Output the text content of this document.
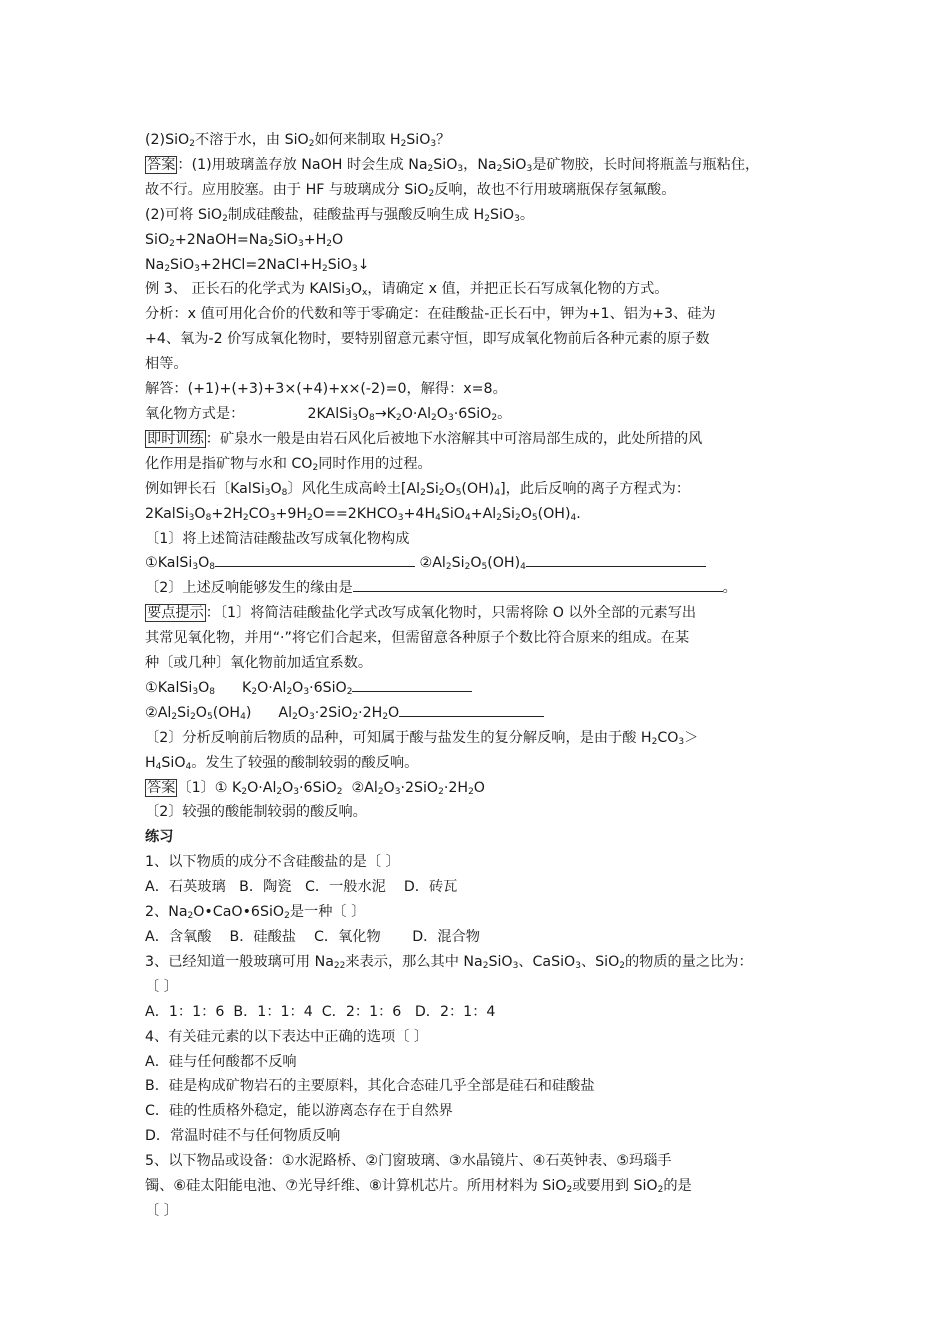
(2)SiO$_2$不溶于水，由 SiO$_2$如何来制取 $H_2SiO_3$？
答案 ：(1)用玻璃盖存放 NaOH 时会生成 $Na_2SiO_3$，$Na_2SiO_3$是矿物胶，长时间将瓶盖与瓶粘住，
故不行。应用胶塞。由于 HF 与玻璃成分 SiO$_2$反响，故也不行用玻璃瓶保存氢氟酸。
(2)可将 SiO$_2$制成硅酸盐，硅酸盐再与强酸反响生成 $H_2SiO_3$。
$SiO_2+2NaOH=Na_2SiO_3+H_2O$
$Na_2SiO_3+2HCl=2NaCl+H_2SiO_3↓$
例 3、 正长石的化学式为 $KAlSi_3O_x$，请确定 x 值，并把正长石写成氧化物的方式。
分析：x 值可用化合价的代数和等于零确定：在硅酸盐-正长石中，钾为+1、铝为+3、硅为
+4、氧为-2 价写成氧化物时，要特别留意元素守恒，即写成氧化物前后各种元素的原子数
相等。
解答：(+1)+(+3)+3×(+4)+x×(-2)=0，解得：x=8。
氧化物方式是：              $2KAlSi_3O_8\to K_2O\cdot Al_2O_3\cdot 6SiO_2$。
即时训练 ：矿泉水一般是由岩石风化后被地下水溶解其中可溶局部生成的，此处所措的风
化作用是指矿物与水和 $CO_2$同时作用的过程。
例如钾长石〔$KalSi_3O_8$〕风化生成高岭土$[Al_2Si_2O_5(OH)_4]$，此后反响的离子方程式为：
$2KalSi_3O_8+2H_2CO_3+9H_2O==2KHCO_3+4H_4SiO_4+Al_2Si_2O_5(OH)_4$.
〔1〕将上述简洁硅酸盐改写成氧化物构成
$①KalSi_3O_8$	$②Al_2Si_2O_5(OH)_4$
〔2〕上述反响能够发生的缘由是	。
要点提示 ：〔1〕将简洁硅酸盐化学式改写成氧化物时，只需将除 O 以外全部的元素写出
其常见氧化物，并用“·”将它们合起来，但需留意各种原子个数比符合原来的组成。在某
种〔或几种〕氧化物前加适宜系数。
$①KalSi_3O_8$      $K_2O\cdot Al_2O_3\cdot 6SiO_2$
$②Al_2Si_2O_5(OH_4)$      $Al_2O_3\cdot 2SiO_2\cdot 2H_2O$
〔2〕分析反响前后物质的品种，可知属于酸与盐发生的复分解反响，是由于酸 $H_2CO_3>$
$H_4SiO_4$。发生了较强的酸制较弱的酸反响。
答案 〔1〕① $K_2O\cdot Al_2O_3\cdot 6SiO_2$  $②Al_2O_3\cdot 2SiO_2\cdot 2H_2O$
〔2〕较强的酸能制较弱的酸反响。
练习
1、以下物质的成分不含硅酸盐的是〔 〕
A．石英玻璃   B．陶瓷   C．一般水泥    D．砖瓦
2、$Na_2O•CaO•6SiO_2$是一种〔 〕
A．含氧酸    B．硅酸盐    C．氧化物       D．混合物
3、已经知道一般玻璃可用 $Na_{22}$来表示，那么其中 $Na_2SiO_3$、CaSiO$_3$、SiO$_2$的物质的量之比为：
〔 〕
A．1：1：6  B．1：1：4  C．2：1：6   D．2：1：4
4、有关硅元素的以下表达中正确的选项〔 〕
A．硅与任何酸都不反响
B．硅是构成矿物岩石的主要原料，其化合态硅几乎全部是硅石和硅酸盐
C．硅的性质格外稳定，能以游离态存在于自然界
D．常温时硅不与任何物质反响
5、以下物品或设备：①水泥路桥、②门窗玻璃、③水晶镜片、④石英钟表、⑤玛瑙手
镯、⑥硅太阳能电池、⑦光导纤维、⑧计算机芯片。所用材料为 SiO$_2$或要用到 SiO$_2$的是
〔 〕
